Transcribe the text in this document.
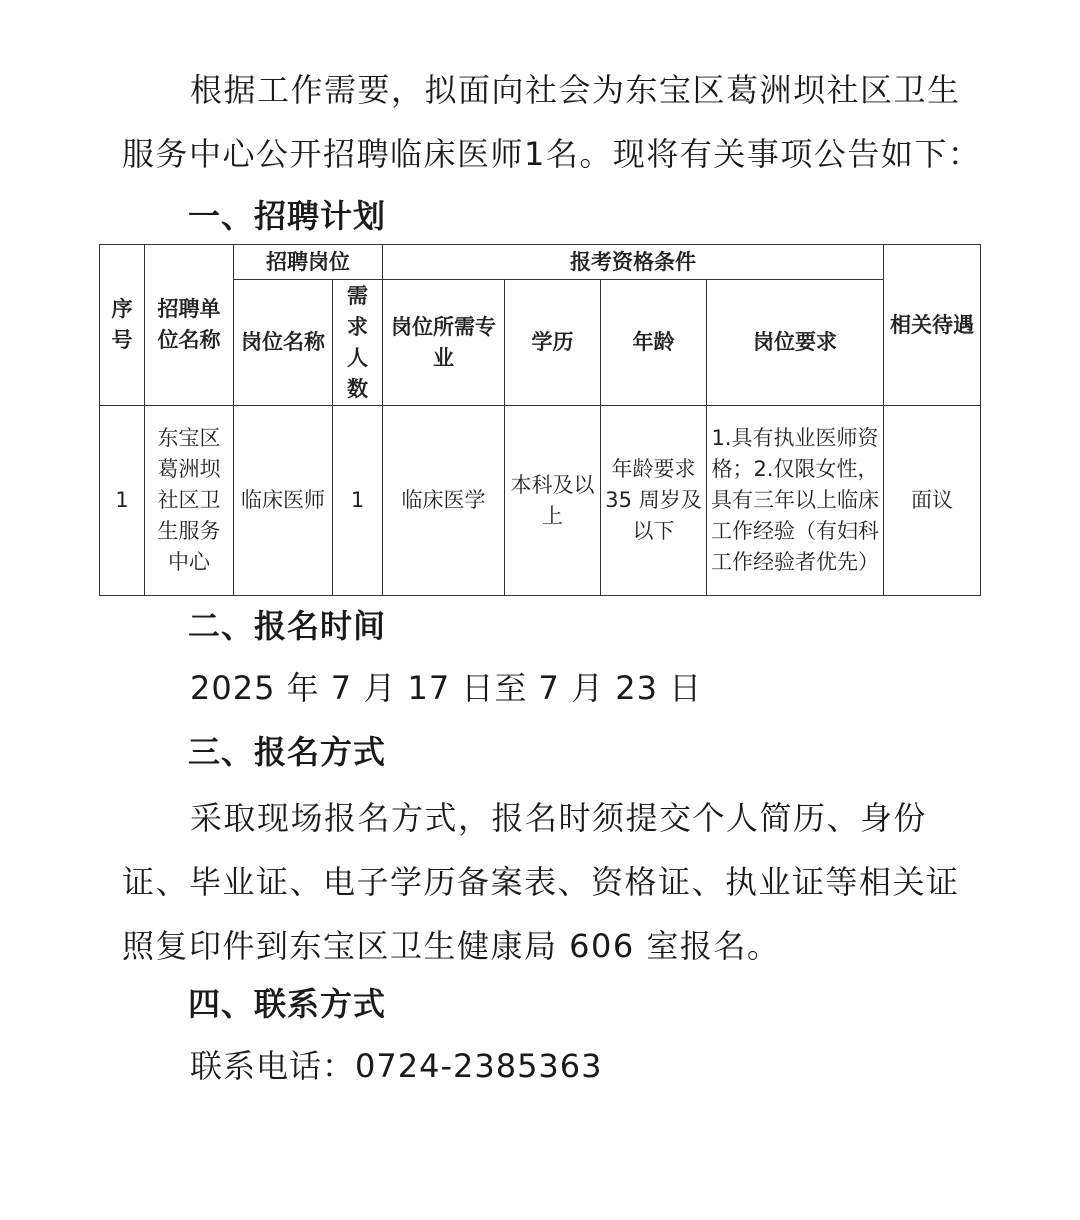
根据工作需要，拟面向社会为东宝区葛洲坝社区卫生服务中心公开招聘临床医师1名。现将有关事项公告如下：

一、招聘计划
序号	招聘单位名称	招聘岗位		报考资格条件				相关待遇
		岗位名称	需求人数	岗位所需专业	学历	年龄	岗位要求	
1	东宝区葛洲坝社区卫生服务中心	临床医师	1	临床医学	本科及以上	年龄要求 35 周岁及以下	1.具有执业医师资格；2.仅限女性，具有三年以上临床工作经验（有妇科工作经验者优先）	面议
二、报名时间

2025 年 7 月 17 日至 7 月 23 日

三、报名方式

采取现场报名方式，报名时须提交个人简历、身份证、毕业证、电子学历备案表、资格证、执业证等相关证照复印件到东宝区卫生健康局 606 室报名。

四、联系方式

联系电话：0724-2385363
